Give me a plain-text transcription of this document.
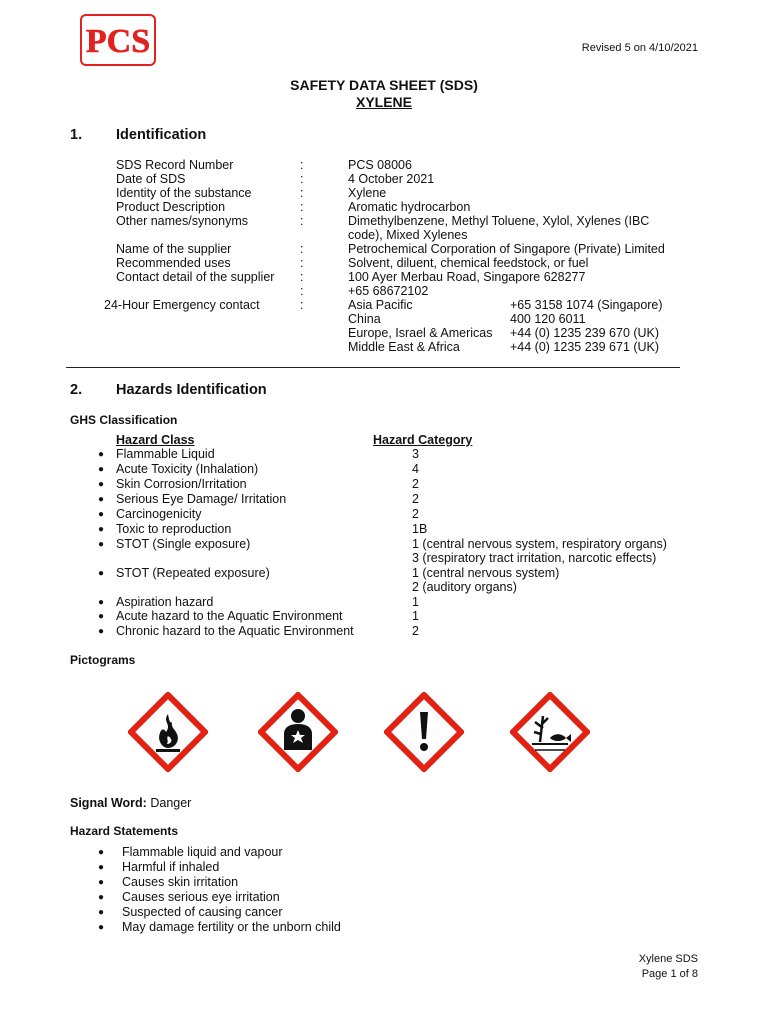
PCS	Revised 5 on 4/10/2021
SAFETY DATA SHEET (SDS)
XYLENE
1. Identification
SDS Record Number	:	PCS 08006
Date of SDS	:	4 October 2021
Identity of the substance	:	Xylene
Product Description	:	Aromatic hydrocarbon
Other names/synonyms	:	Dimethylbenzene, Methyl Toluene, Xylol, Xylenes (IBC
code), Mixed Xylenes
Name of the supplier	:	Petrochemical Corporation of Singapore (Private) Limited
Recommended uses	:	Solvent, diluent, chemical feedstock, or fuel
Contact detail of the supplier :	100 Ayer Merbau Road, Singapore 628277
:	+65 68672102
24-Hour Emergency contact	:	Asia Pacific	+65 3158 1074 (Singapore)
China	400 120 6011
Europe, Israel & Americas +44 (0) 1235 239 670 (UK)
Middle East & Africa	+44 (0) 1235 239 671 (UK)
2. Hazards Identification
GHS Classification
Hazard Class	Hazard Category
● Flammable Liquid	3
● Acute Toxicity (Inhalation)	4
● Skin Corrosion/Irritation	2
● Serious Eye Damage/ Irritation	2
● Carcinogenicity	2
● Toxic to reproduction	1B
● STOT (Single exposure)	1 (central nervous system, respiratory organs)
3 (respiratory tract irritation, narcotic effects)
● STOT (Repeated exposure)	1 (central nervous system)
2 (auditory organs)
● Aspiration hazard	1
● Acute hazard to the Aquatic Environment	1
● Chronic hazard to the Aquatic Environment	2
Pictograms
Signal Word: Danger
Hazard Statements
● Flammable liquid and vapour
● Harmful if inhaled
● Causes skin irritation
● Causes serious eye irritation
● Suspected of causing cancer
● May damage fertility or the unborn child
Xylene SDS
Page 1 of 8
